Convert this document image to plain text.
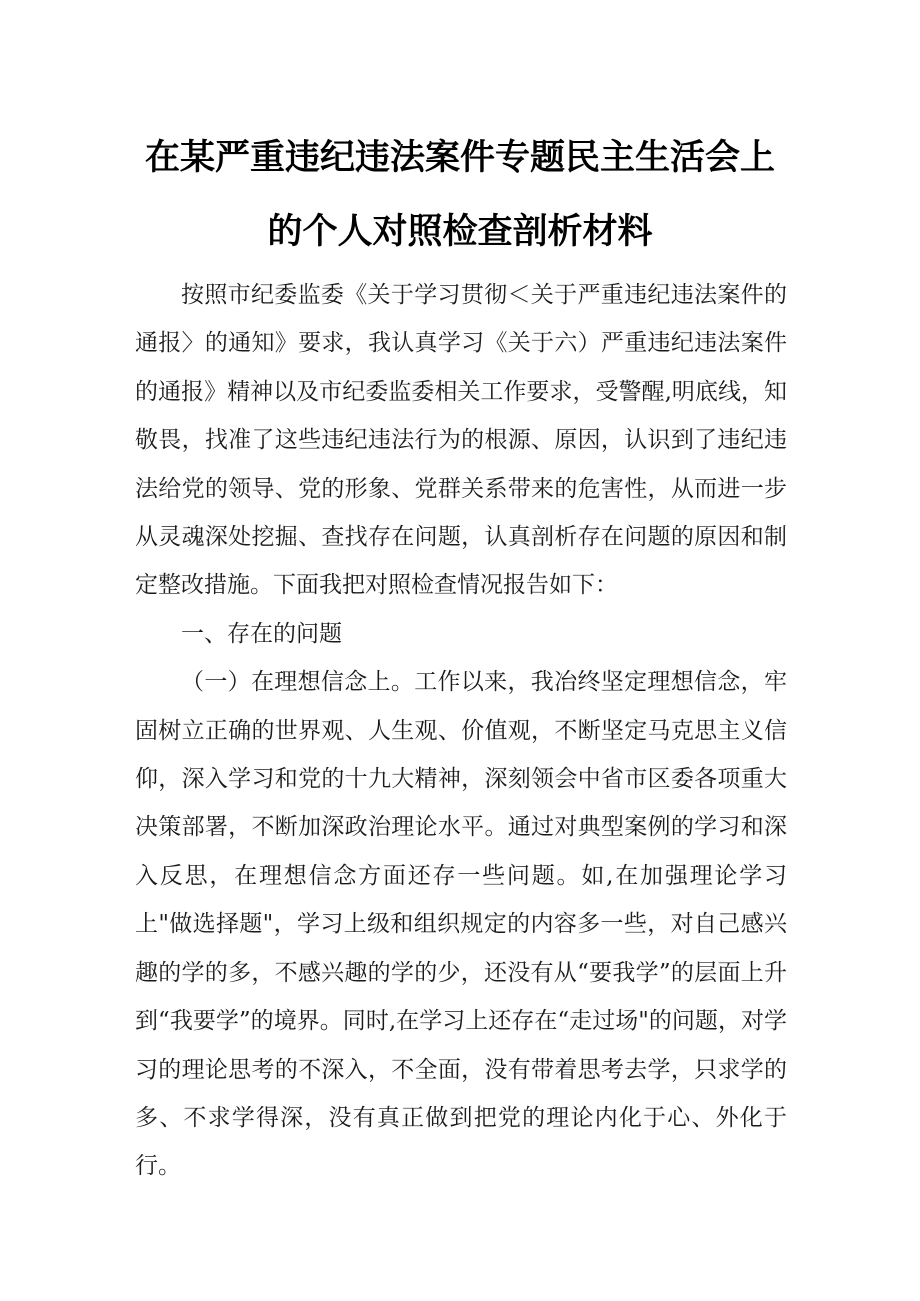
在某严重违纪违法案件专题民主生活会上
的个人对照检查剖析材料

按照市纪委监委《关于学习贯彻＜关于严重违纪违法案件的通报〉的通知》要求，我认真学习《关于六）严重违纪违法案件的通报》精神以及市纪委监委相关工作要求，受警醒,明底线，知敬畏，找准了这些违纪违法行为的根源、原因，认识到了违纪违法给党的领导、党的形象、党群关系带来的危害性，从而进一步从灵魂深处挖掘、查找存在问题，认真剖析存在问题的原因和制定整改措施。下面我把对照检查情况报告如下：

一、存在的问题

（一）在理想信念上。工作以来，我冶终坚定理想信念，牢固树立正确的世界观、人生观、价值观，不断坚定马克思主义信仰，深入学习和党的十九大精神，深刻领会中省市区委各项重大决策部署，不断加深政治理论水平。通过对典型案例的学习和深入反思，在理想信念方面还存一些问题。如,在加强理论学习上"做选择题"，学习上级和组织规定的内容多一些，对自己感兴趣的学的多，不感兴趣的学的少，还没有从“要我学”的层面上升到“我要学”的境界。同时,在学习上还存在“走过场"的问题，对学习的理论思考的不深入，不全面，没有带着思考去学，只求学的多、不求学得深，没有真正做到把党的理论内化于心、外化于行。
